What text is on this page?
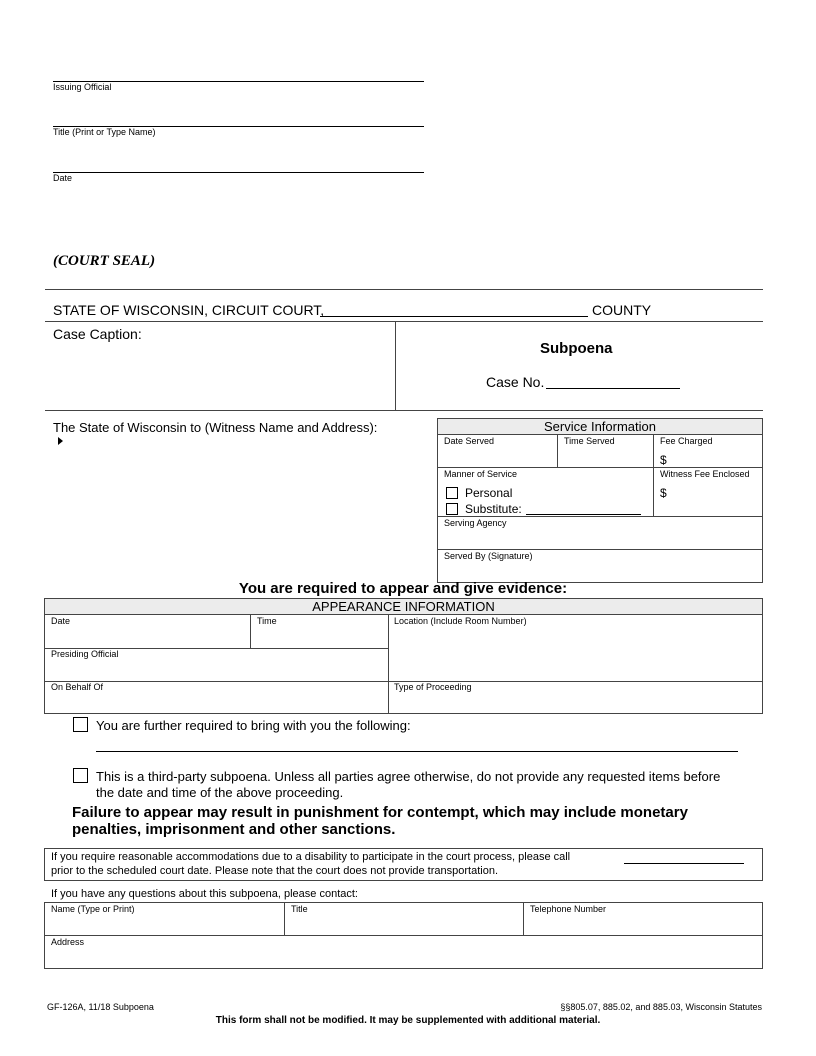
Issuing Official
Title (Print or Type Name)
Date
(COURT SEAL)
STATE OF WISCONSIN, CIRCUIT COURT,	COUNTY
Case Caption:
Subpoena
Case No.
The State of Wisconsin to (Witness Name and Address):	Service Information
Date Served	Time Served	Fee Charged
$
Manner of Service
Personal
Substitute:
Witness Fee Enclosed
$
Serving Agency
Served By (Signature)
You are required to appear and give evidence:
APPEARANCE INFORMATION
Date	Time	Location (Include Room Number)
Presiding Official
On Behalf Of	Type of Proceeding
You are further required to bring with you the following:
This is a third-party subpoena. Unless all parties agree otherwise, do not provide any requested items before
the date and time of the above proceeding.
Failure to appear may result in punishment for contempt, which may include monetary
penalties, imprisonment and other sanctions.
If you require reasonable accommodations due to a disability to participate in the court process, please call
prior to the scheduled court date. Please note that the court does not provide transportation.
If you have any questions about this subpoena, please contact:
Name (Type or Print)	Title	Telephone Number
Address
GF-126A, 11/18 Subpoena	§§805.07, 885.02, and 885.03, Wisconsin Statutes
This form shall not be modified. It may be supplemented with additional material.
